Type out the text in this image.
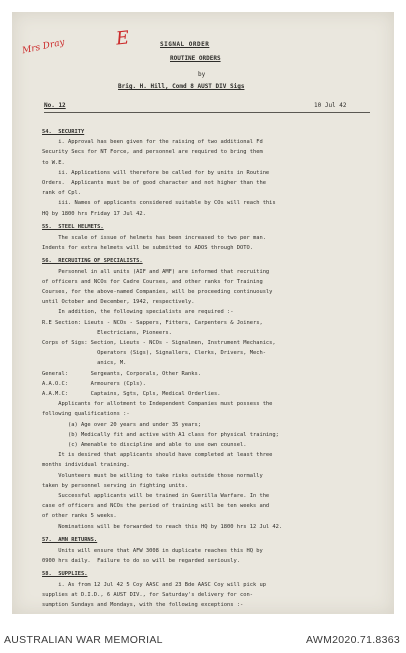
Mrs Dray	E	SIGNAL ORDER
ROUTINE ORDERS
by
Brig. H. Hill, Comd 8 AUST DIV Sigs
No. 12	10 Jul 42
54.  SECURITY
i. Approval has been given for the raising of two additional Fd
Security Secs for NT Force, and personnel are required to bring them
to W.E.
ii. Applications will therefore be called for by units in Routine
Orders.  Applicants must be of good character and not higher than the
rank of Cpl.
iii. Names of applicants considered suitable by COs will reach this
HQ by 1800 hrs Friday 17 Jul 42.
55.  STEEL HELMETS.
The scale of issue of helmets has been increased to two per man.
Indents for extra helmets will be submitted to ADOS through DOTO.
56.  RECRUITING OF SPECIALISTS.
Personnel in all units (AIF and AMF) are informed that recruiting
of officers and NCOs for Cadre Courses, and other ranks for Training
Courses, for the above-named Companies, will be proceeding continuously
until October and December, 1942, respectively.
In addition, the following specialists are required :-
R.E Section: Lieuts - NCOs - Sappers, Fitters, Carpenters & Joiners,
Electricians, Pioneers.
Corps of Sigs: Section, Lieuts - NCOs - Signalmen, Instrument Mechanics,
Operators (Sigs), Signallers, Clerks, Drivers, Mech-
anics, M.
General:       Sergeants, Corporals, Other Ranks.
A.A.O.C:       Armourers (Cpls).
A.A.M.C:       Captains, Sgts, Cpls, Medical Orderlies.
Applicants for allotment to Independent Companies must possess the
following qualifications :-
(a) Age over 20 years and under 35 years;
(b) Medically fit and active with A1 class for physical training;
(c) Amenable to discipline and able to use own counsel.
It is desired that applicants should have completed at least three
months individual training.
Volunteers must be willing to take risks outside those normally
taken by personnel serving in fighting units.
Successful applicants will be trained in Guerilla Warfare. In the
case of officers and NCOs the period of training will be ten weeks and
of other ranks 5 weeks.
Nominations will be forwarded to reach this HQ by 1800 hrs 12 Jul 42.
57.  AMN RETURNS.
Units will ensure that AFW 3008 in duplicate reaches this HQ by
0900 hrs daily.  Failure to do so will be regarded seriously.
58.  SUPPLIES.
i. As from 12 Jul 42 5 Coy AASC and 23 Bde AASC Coy will pick up
supplies at D.I.D., 6 AUST DIV., for Saturday's delivery for con-
sumption Sundays and Mondays, with the following exceptions :-
AUSTRALIAN WAR MEMORIAL	AWM2020.71.8363
